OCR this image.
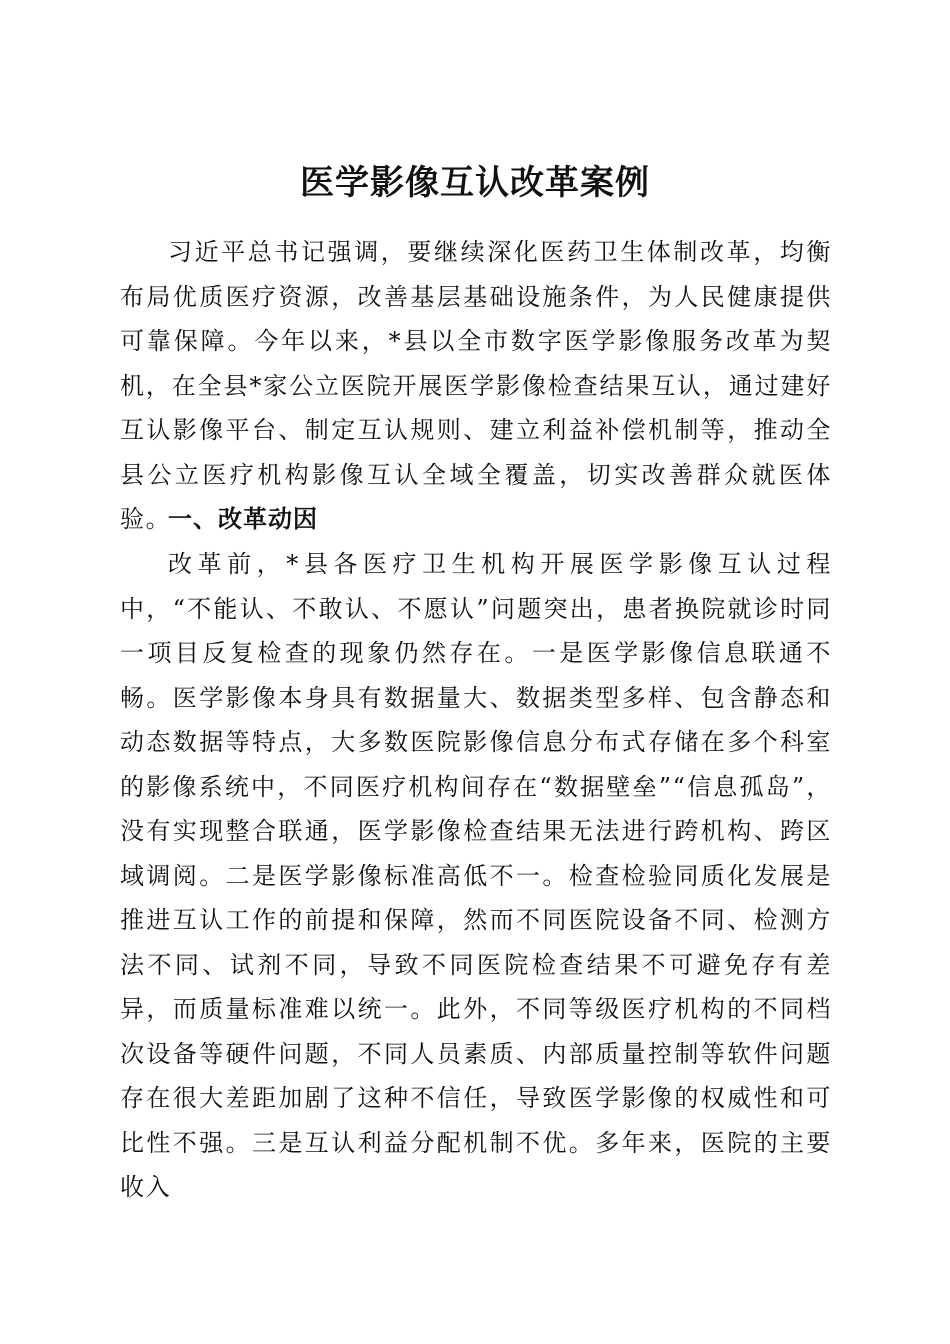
医学影像互认改革案例

习近平总书记强调，要继续深化医药卫生体制改革，均衡布局优质医疗资源，改善基层基础设施条件，为人民健康提供可靠保障。今年以来，*县以全市数字医学影像服务改革为契机，在全县*家公立医院开展医学影像检查结果互认，通过建好互认影像平台、制定互认规则、建立利益补偿机制等，推动全县公立医疗机构影像互认全域全覆盖，切实改善群众就医体验。

一、改革动因

改革前，*县各医疗卫生机构开展医学影像互认过程中，“不能认、不敢认、不愿认”问题突出，患者换院就诊时同一项目反复检查的现象仍然存在。一是医学影像信息联通不畅。医学影像本身具有数据量大、数据类型多样、包含静态和动态数据等特点，大多数医院影像信息分布式存储在多个科室的影像系统中，不同医疗机构间存在“数据壁垒”“信息孤岛”，没有实现整合联通，医学影像检查结果无法进行跨机构、跨区域调阅。二是医学影像标准高低不一。检查检验同质化发展是推进互认工作的前提和保障，然而不同医院设备不同、检测方法不同、试剂不同，导致不同医院检查结果不可避免存有差异，而质量标准难以统一。此外，不同等级医疗机构的不同档次设备等硬件问题，不同人员素质、内部质量控制等软件问题存在很大差距加剧了这种不信任，导致医学影像的权威性和可比性不强。三是互认利益分配机制不优。多年来，医院的主要收入
